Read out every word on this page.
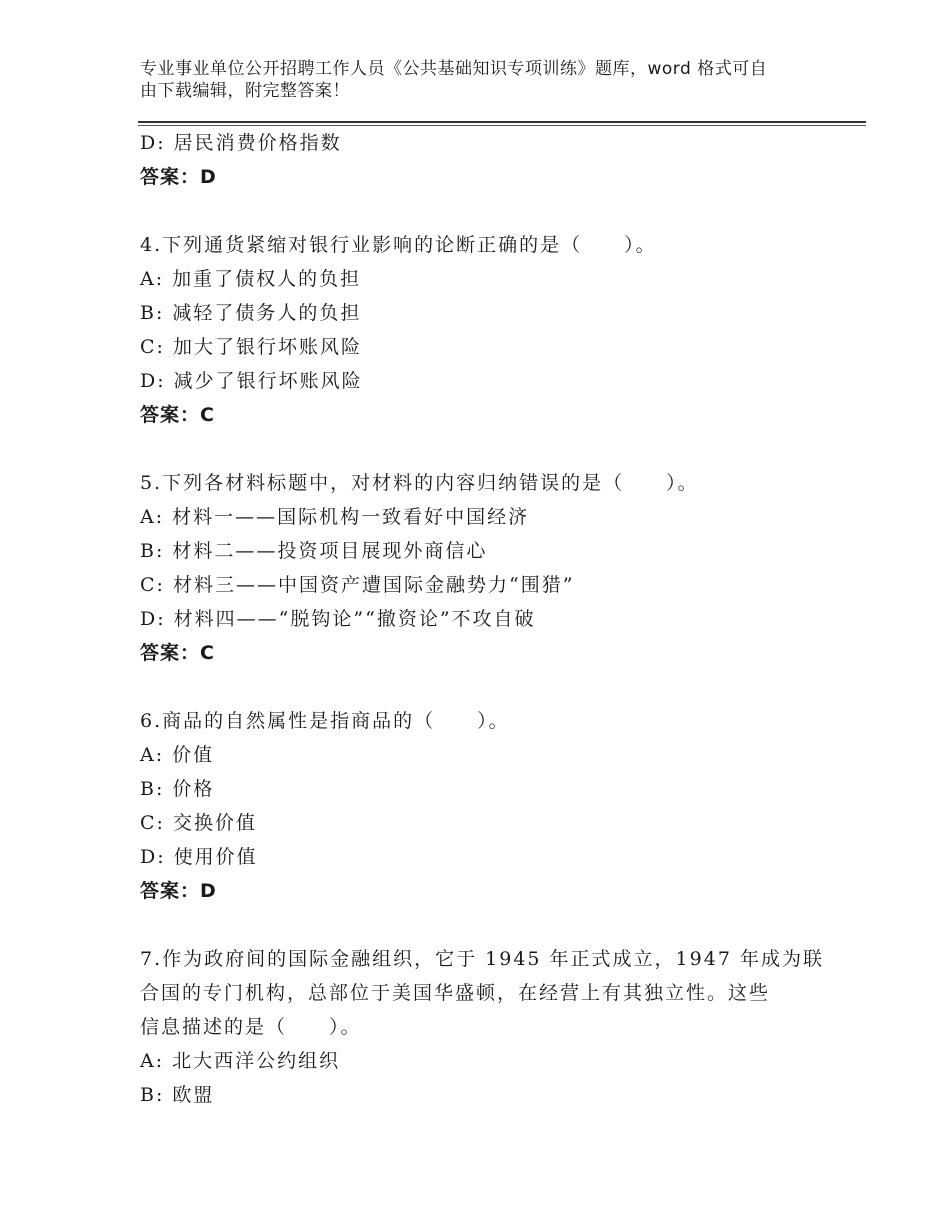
专业事业单位公开招聘工作人员《公共基础知识专项训练》题库，word 格式可自
由下载编辑，附完整答案！
D: 居民消费价格指数
答案：D
4.下列通货紧缩对银行业影响的论断正确的是（　　）。
A: 加重了债权人的负担
B: 减轻了债务人的负担
C: 加大了银行坏账风险
D: 减少了银行坏账风险
答案：C
5.下列各材料标题中，对材料的内容归纳错误的是（　　）。
A: 材料一——国际机构一致看好中国经济
B: 材料二——投资项目展现外商信心
C: 材料三——中国资产遭国际金融势力“围猎”
D: 材料四——“脱钩论”“撤资论”不攻自破
答案：C
6.商品的自然属性是指商品的（　　）。
A: 价值
B: 价格
C: 交换价值
D: 使用价值
答案：D
7.作为政府间的国际金融组织，它于 1945 年正式成立，1947 年成为联
合国的专门机构，总部位于美国华盛顿，在经营上有其独立性。这些
信息描述的是（　　）。
A: 北大西洋公约组织
B: 欧盟
